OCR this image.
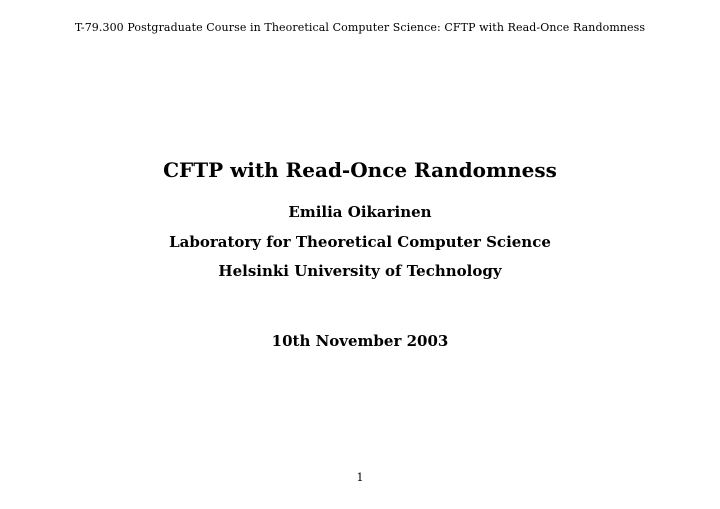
T-79.300 Postgraduate Course in Theoretical Computer Science: CFTP with Read-Once Randomness
CFTP with Read-Once Randomness
Emilia Oikarinen
Laboratory for Theoretical Computer Science
Helsinki University of Technology
10th November 2003
1
